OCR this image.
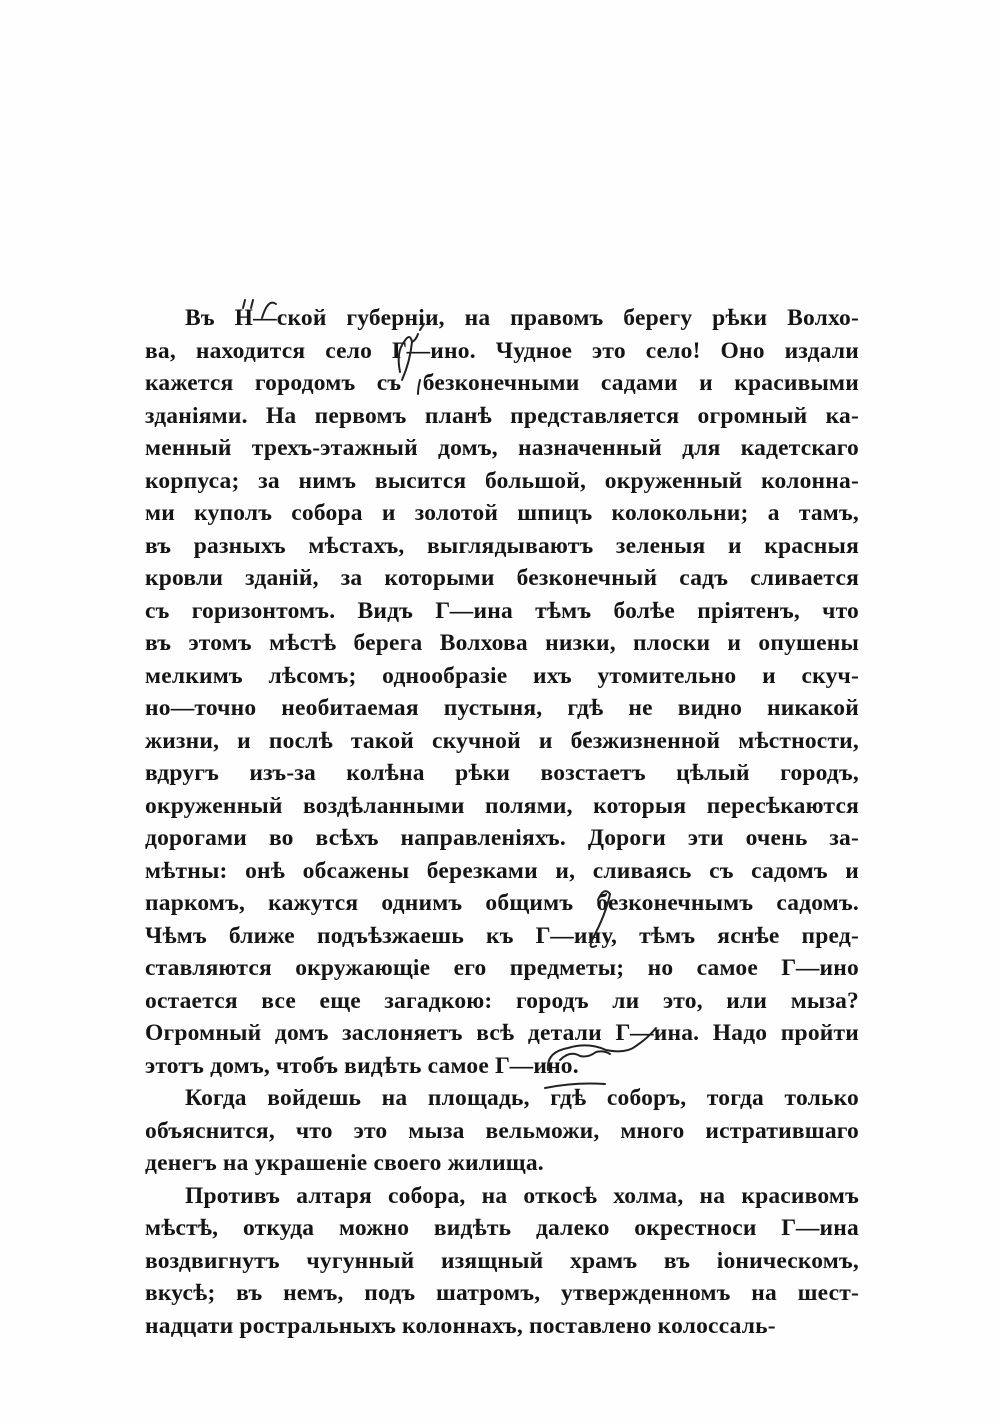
Въ Н—ской губерніи, на правомъ берегу рѣки Волхо-
ва, находится село Г—ино. Чудное это село! Оно издали
кажется городомъ съ безконечными садами и красивыми
зданіями. На первомъ планѣ представляется огромный ка-
менный трехъ-этажный домъ, назначенный для кадетскаго
корпуса; за нимъ высится большой, окруженный колонна-
ми куполъ собора и золотой шпицъ колокольни; а тамъ,
въ разныхъ мѣстахъ, выглядываютъ зеленыя и красныя
кровли зданій, за которыми безконечный садъ сливается
съ горизонтомъ. Видъ Г—ина тѣмъ болѣе пріятенъ, что
въ этомъ мѣстѣ берега Волхова низки, плоски и опушены
мелкимъ лѣсомъ; однообразіе ихъ утомительно и скуч-
но—точно необитаемая пустыня, гдѣ не видно никакой
жизни, и послѣ такой скучной и безжизненной мѣстности,
вдругъ изъ-за колѣна рѣки возстаетъ цѣлый городъ,
окруженный воздѣланными полями, которыя пересѣкаются
дорогами во всѣхъ направленіяхъ. Дороги эти очень за-
мѣтны: онѣ обсажены березками и, сливаясь съ садомъ и
паркомъ, кажутся однимъ общимъ безконечнымъ садомъ.
Чѣмъ ближе подъѣзжаешь къ Г—ину, тѣмъ яснѣе пред-
ставляются окружающіе его предметы; но самое Г—ино
остается все еще загадкою: городъ ли это, или мыза?
Огромный домъ заслоняетъ всѣ детали Г—ина. Надо пройти
этотъ домъ, чтобъ видѣть самое Г—ино.
Когда войдешь на площадь, гдѣ соборъ, тогда только
объяснится, что это мыза вельможи, много истратившаго
денегъ на украшеніе своего жилища.
Противъ алтаря собора, на откосѣ холма, на красивомъ
мѣстѣ, откуда можно видѣть далеко окрестноси Г—ина
воздвигнутъ чугунный изящный храмъ въ іоническомъ,
вкусѣ; въ немъ, подъ шатромъ, утвержденномъ на шест-
надцати ростральныхъ колоннахъ, поставлено колоссаль-
